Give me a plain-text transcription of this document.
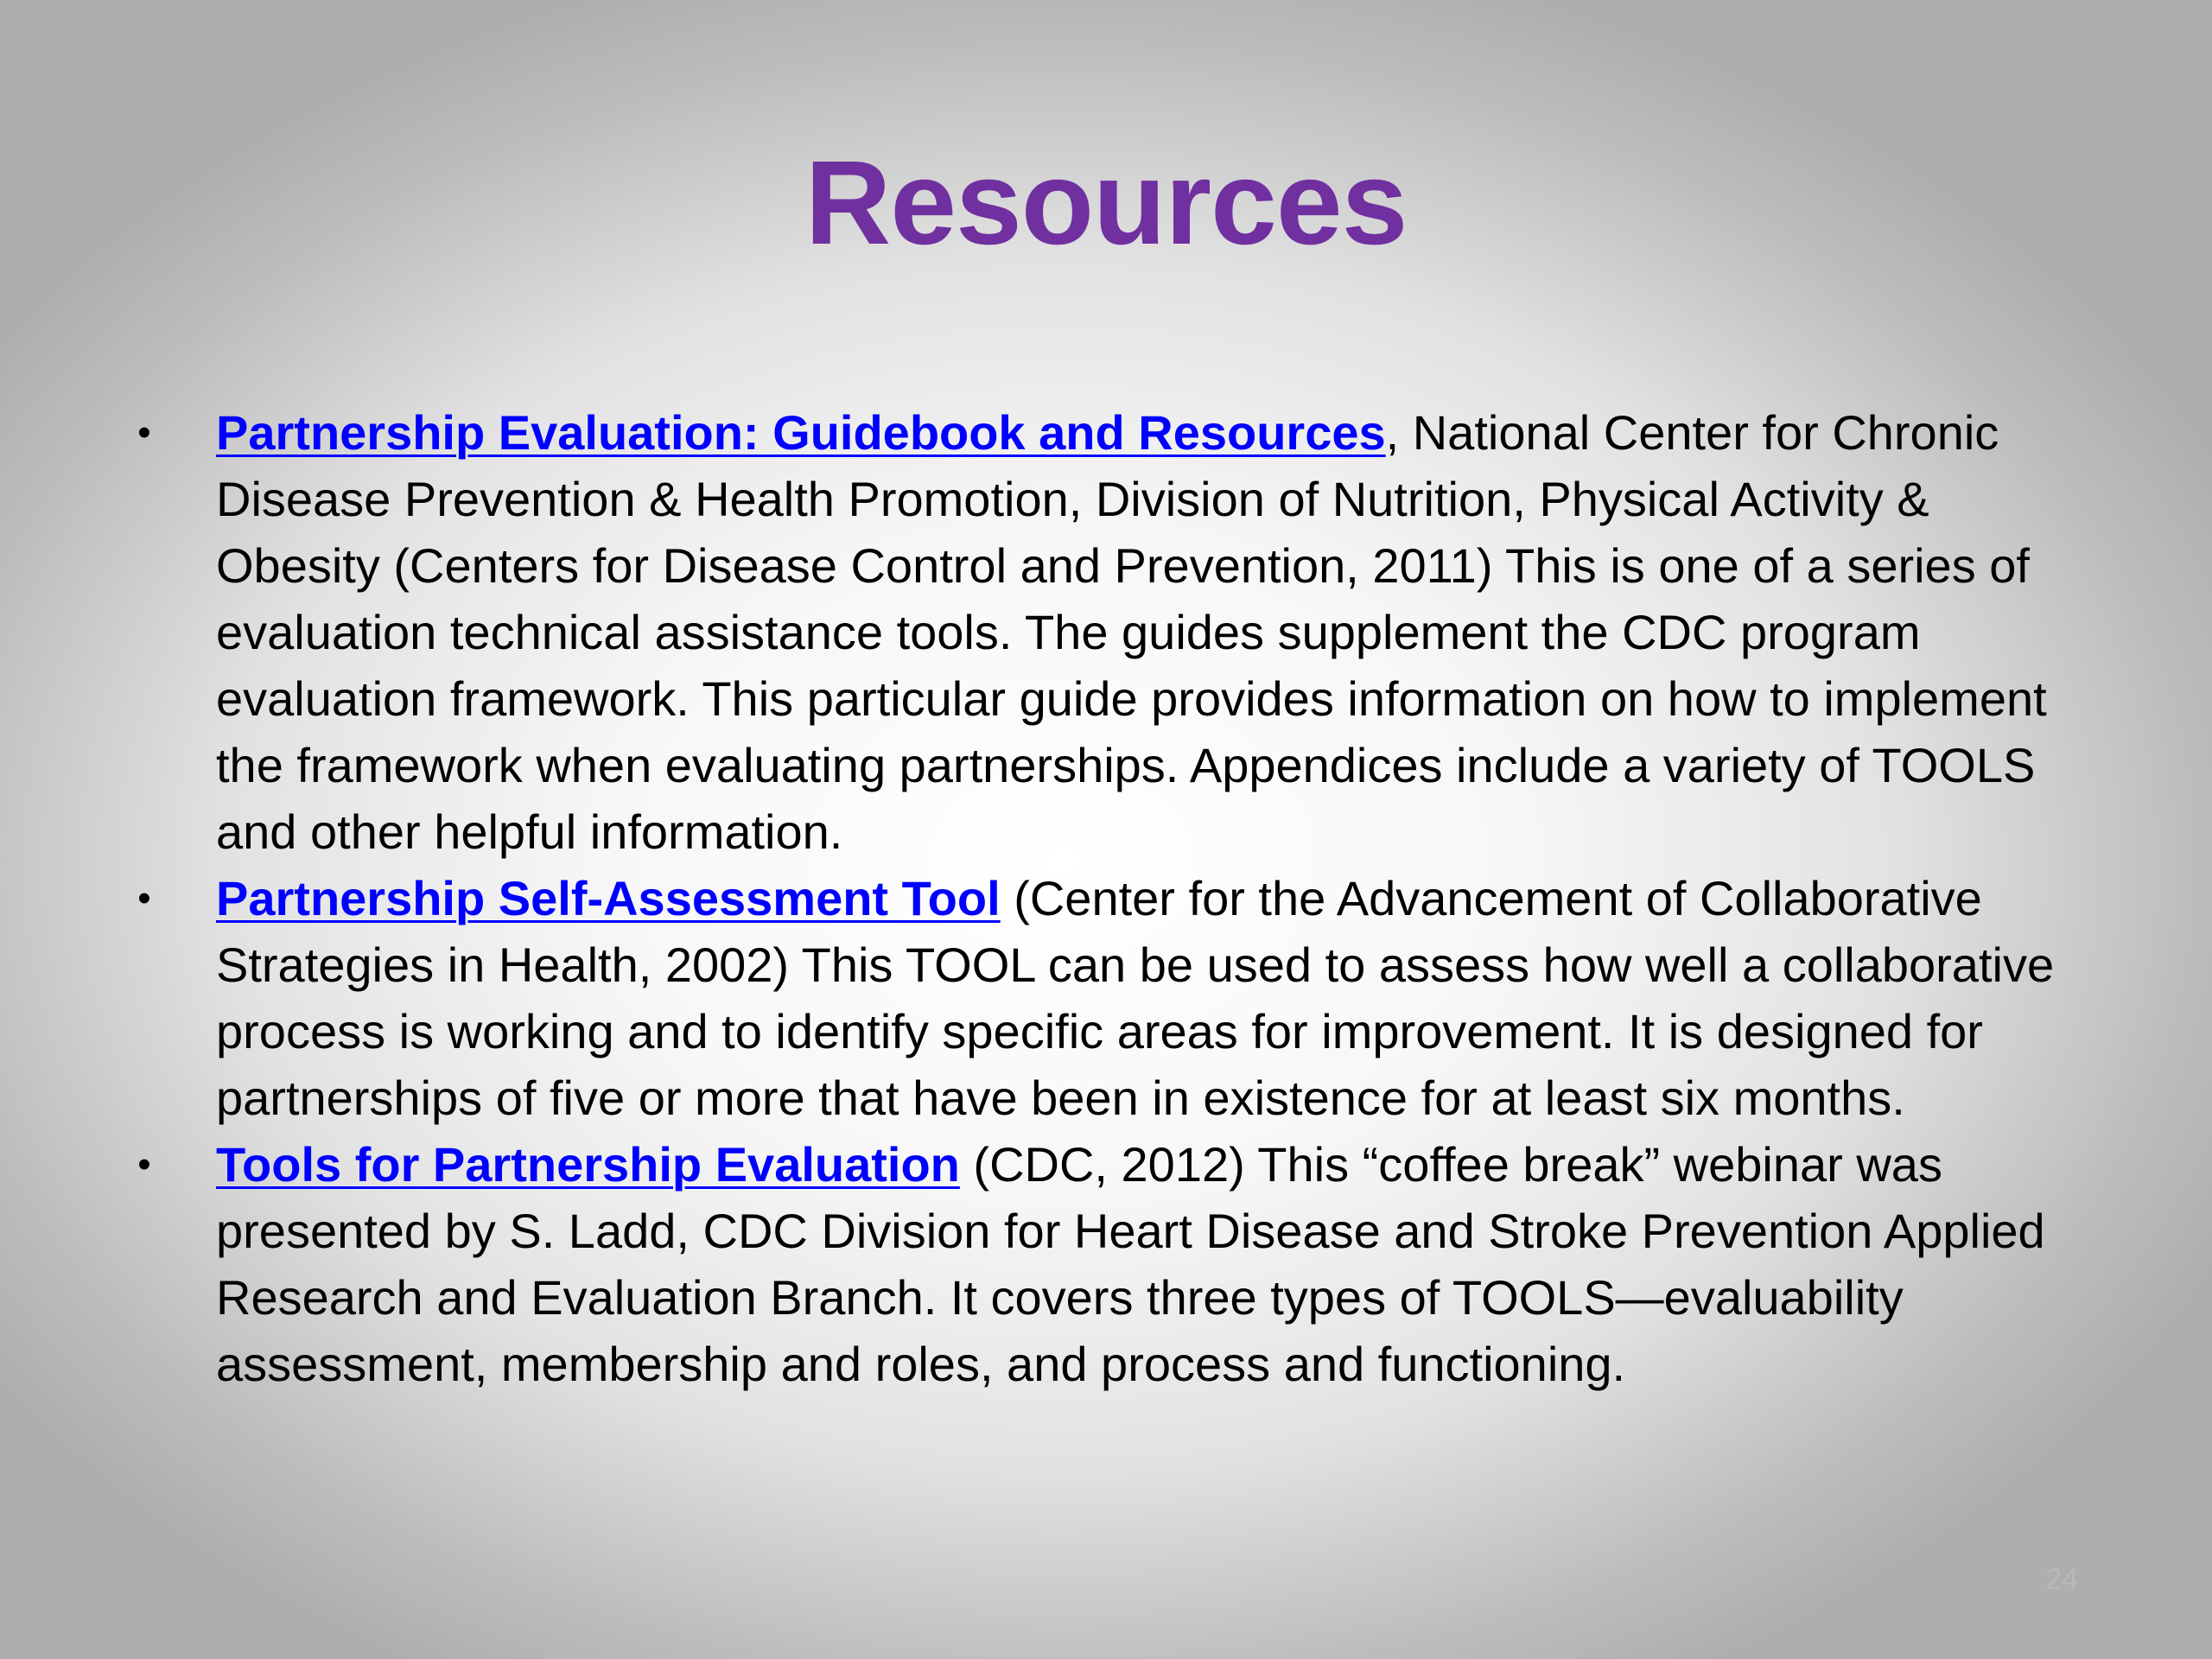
Resources
• Partnership Evaluation: Guidebook and Resources, National Center for Chronic Disease Prevention & Health Promotion, Division of Nutrition, Physical Activity & Obesity (Centers for Disease Control and Prevention, 2011) This is one of a series of evaluation technical assistance tools. The guides supplement the CDC program evaluation framework. This particular guide provides information on how to implement the framework when evaluating partnerships. Appendices include a variety of TOOLS and other helpful information.
• Partnership Self-Assessment Tool (Center for the Advancement of Collaborative Strategies in Health, 2002) This TOOL can be used to assess how well a collaborative process is working and to identify specific areas for improvement. It is designed for partnerships of five or more that have been in existence for at least six months.
• Tools for Partnership Evaluation (CDC, 2012) This “coffee break” webinar was presented by S. Ladd, CDC Division for Heart Disease and Stroke Prevention Applied Research and Evaluation Branch. It covers three types of TOOLS—evaluability assessment, membership and roles, and process and functioning.
24
